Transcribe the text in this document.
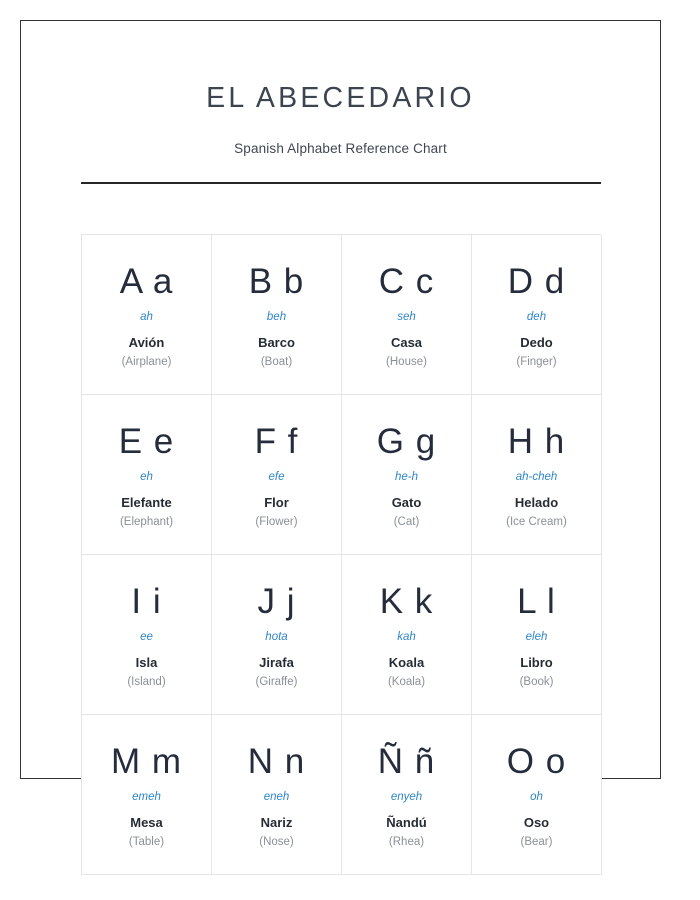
EL ABECEDARIO

Spanish Alphabet Reference Chart

A a
ah
Avión
(Airplane)
B b
beh
Barco
(Boat)
C c
seh
Casa
(House)
D d
deh
Dedo
(Finger)
E e
eh
Elefante
(Elephant)
F f
efe
Flor
(Flower)
G g
he-h
Gato
(Cat)
H h
ah-cheh
Helado
(Ice Cream)
I i
ee
Isla
(Island)
J j
hota
Jirafa
(Giraffe)
K k
kah
Koala
(Koala)
L l
eleh
Libro
(Book)
M m
emeh
Mesa
(Table)
N n
eneh
Nariz
(Nose)
Ñ ñ
enyeh
Ñandú
(Rhea)
O o
oh
Oso
(Bear)
